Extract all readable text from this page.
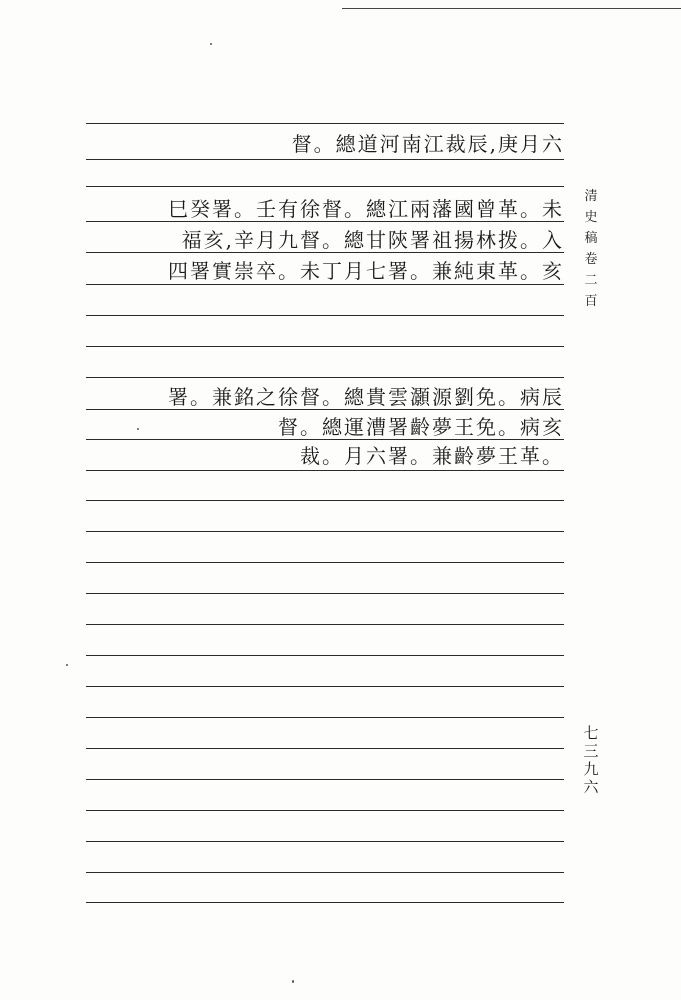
督。總道河南江裁辰,庚月六
巳癸署。壬有徐督。總江兩藩國曾革。未
福亥,辛月九督。總甘陝署祖揚林拨。入
四署實崇卒。未丁月七署。兼純東革。亥
署。兼銘之徐督。總貴雲灝源劉免。病辰
督。總運漕署齡夢王免。病亥
裁。月六署。兼齡夢王革。
清
史
稿
卷
二
百
七
三
九
六
